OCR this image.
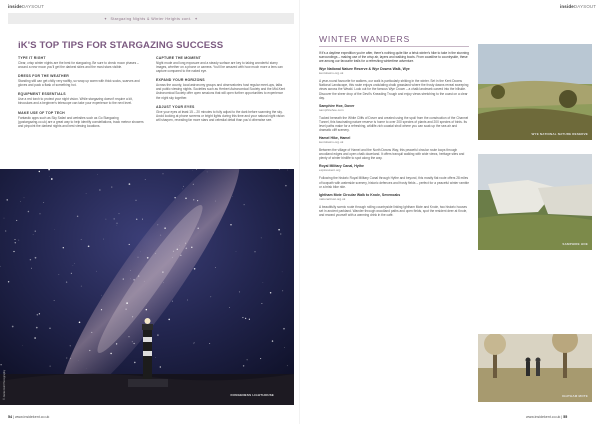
insideDAYSOUT
✦ Stargazing Nights & Winter Heights cont. ✦
iK'S TOP TIPS FOR STARGAZING SUCCESS
TYPE IT RIGHT

Clear, crisp winter nights are the best for stargazing. Be sure to check moon phases – around a new moon you'll get the darkest skies and the most stars visible.

DRESS FOR THE WEATHER

Standing still can get chilly very swiftly, so wrap up warm with thick socks, scarves and gloves and pack a flask of something hot.

EQUIPMENT ESSENTIALS

Use a red torch to protect your night vision. While stargazing doesn't require a kit, binoculars and a beginner's telescope can take your experience to the next level.

MAKE USE OF TOP TECH

Fantastic apps such as Sky Safari and websites such as Go Stargazing (gostargazing.co.uk) are a great way to help identify constellations, track meteor showers and pinpoint the darkest nights and best viewing locations.

CAPTURE THE MOMENT

Night mode and long exposure and a steady surface are key to taking wonderful starry images, whether on a phone or camera. You'll be amazed with how much more a lens can capture compared to the naked eye.

EXPAND YOUR HORIZONS

Across the county, local astronomy groups and observatories host regular meet-ups, talks and public viewing nights. Societies such as Herbert Astronomical Society and the Mid-Kent Astronomical Society offer open sessions that will open further opportunities to experience the night sky together.

ADJUST YOUR EYES

Give your eyes at least 15 – 20 minutes to fully adjust to the dark before scanning the sky. Avoid looking at phone screens or bright lights during this time and your natural night vision will sharpen, revealing far more stars and celestial detail than you'd otherwise see.

DUNGENESS LIGHTHOUSE
© Jamie Hall Photography
54 | www.insidekent.co.uk
insideDAYSOUT
WINTER WANDERS

If it's a daytime expedition you're after, there's nothing quite like a brisk winter's hike to take in the stunning surroundings – making use of the crisp air, layers and walking boots. From coastline to countryside, these are among our favourite trails for a refreshing wintertime adventure.

Wye National Nature Reserve & Wye Downs Walk, Wye
kentdowns.org.uk

A year-round favourite for walkers, our walk is particularly striking in the winter. Set in the Kent Downs National Landscape, this route enjoys undulating chalk grassland where the frosty dawns reveal sweeping views across the Weald. Look out for the famous Wye Crown – a chalk landmark carved into the hillside. Discover the sheer drop of the Devil's Kneading Trough and enjoy views stretching to the coast on a clear day.

Samphire Hoe, Dover
samphirehoe.com

Tucked beneath the White Cliffs of Dover and created using the spoil from the construction of the Channel Tunnel, this fascinating nature reserve is home to over 200 species of plants and 200 species of birds. Its level paths make for a refreshing, wildlife-rich coastal stroll where you can soak up the sea air and dramatic cliff scenery.

Hamel Hike, Hamel
kentdowns.org.uk

Between the village of Hamel and the North Downs Way, this peaceful circular route loops through woodland edges and open chalk downland. It offers tranquil walking with wide views, heritage sites and plenty of winter birdlife to spot along the way.

Royal Military Canal, Hythe
explorekent.org

Following the historic Royal Military Canal through Hythe and beyond, this mostly flat route offers 28 miles of towpath with waterside scenery, historic defences and frosty fields – perfect for a peaceful winter ramble or a brisk bike ride.

Ightham Mote Circular Walk to Knole, Sevenoaks
nationaltrust.org.uk

A beautifully scenic route through rolling countryside linking Ightham Mote and Knole, two historic houses set in ancient parkland. Wander through woodland paths and open fields, spot the resident deer at Knole, and reward yourself with a warming drink in the café.

WYE NATIONAL NATURE RESERVE
SAMPHIRE HOE
IGHTHAM MOTE
www.insidekent.co.uk | 55
